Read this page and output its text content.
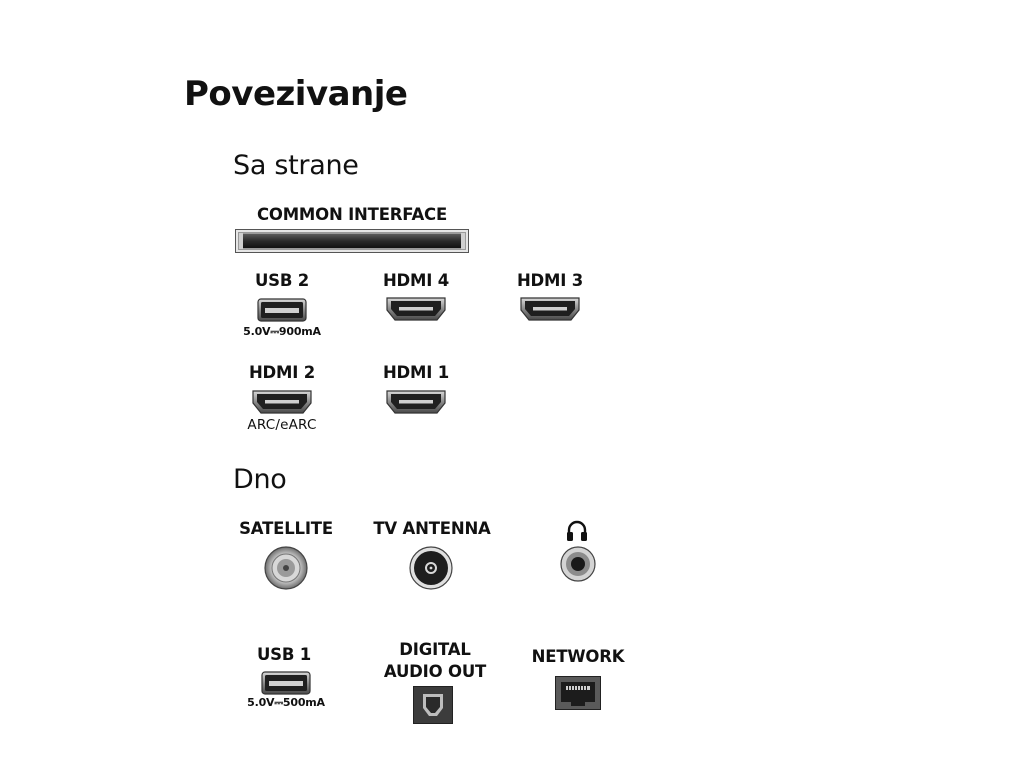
Povezivanje
Sa strane
COMMON INTERFACE
USB 2
5.0V⎓900mA
HDMI 4	HDMI 3
HDMI 2
ARC/eARC
HDMI 1
Dno
SATELLITE	TV ANTENNA
USB 1
5.0V⎓500mA
DIGITAL
AUDIO OUT
NETWORK
